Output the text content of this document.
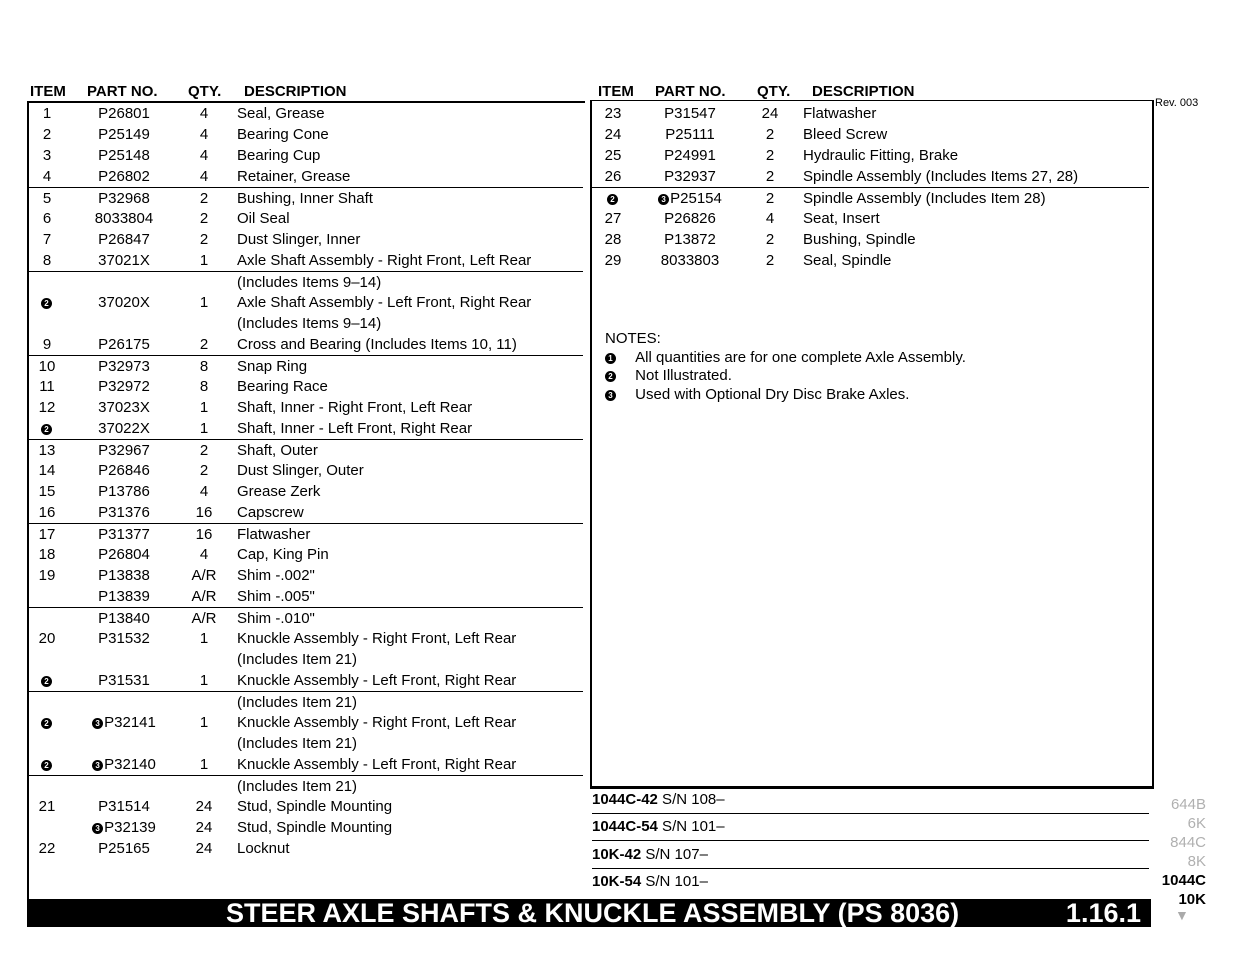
ITEM PART NO. QTY. DESCRIPTION	ITEM PART NO. QTY. DESCRIPTION
Rev. 003
1	P26801	4	Seal, Grease
2	P25149	4	Bearing Cone
3	P25148	4	Bearing Cup
4	P26802	4	Retainer, Grease
5	P32968	2	Bushing, Inner Shaft
6	8033804	2	Oil Seal
7	P26847	2	Dust Slinger, Inner
8	37021X	1	Axle Shaft Assembly - Right Front, Left Rear
(Includes Items 9–14)
2	37020X	1	Axle Shaft Assembly - Left Front, Right Rear
(Includes Items 9–14)
9	P26175	2	Cross and Bearing (Includes Items 10, 11)
10	P32973	8	Snap Ring
11	P32972	8	Bearing Race
12	37023X	1	Shaft, Inner - Right Front, Left Rear
2	37022X	1	Shaft, Inner - Left Front, Right Rear
13	P32967	2	Shaft, Outer
14	P26846	2	Dust Slinger, Outer
15	P13786	4	Grease Zerk
16	P31376	16	Capscrew
17	P31377	16	Flatwasher
18	P26804	4	Cap, King Pin
19	P13838	A/R	Shim -.002"
P13839	A/R	Shim -.005"
P13840	A/R	Shim -.010"
20	P31532	1	Knuckle Assembly - Right Front, Left Rear
(Includes Item 21)
2	P31531	1	Knuckle Assembly - Left Front, Right Rear
(Includes Item 21)
2	3 P32141	1	Knuckle Assembly - Right Front, Left Rear
(Includes Item 21)
2	3 P32140	1	Knuckle Assembly - Left Front, Right Rear
(Includes Item 21)
21	P31514	24	Stud, Spindle Mounting
3 P32139	24	Stud, Spindle Mounting
22	P25165	24	Locknut
23	P31547	24	Flatwasher
24	P25111	2	Bleed Screw
25	P24991	2	Hydraulic Fitting, Brake
26	P32937	2	Spindle Assembly (Includes Items 27, 28)
2	3 P25154	2	Spindle Assembly (Includes Item 28)
27	P26826	4	Seat, Insert
28	P13872	2	Bushing, Spindle
29	8033803	2	Seal, Spindle
NOTES:
1 All quantities are for one complete Axle Assembly.
2 Not Illustrated.
3 Used with Optional Dry Disc Brake Axles.
1044C-42 S/N 108–
1044C-54 S/N 101–
10K-42 S/N 107–
10K-54 S/N 101–
STEER AXLE SHAFTS & KNUCKLE ASSEMBLY (PS 8036)	1.16.1
644B
6K
844C
8K
1044C
10K
▼
